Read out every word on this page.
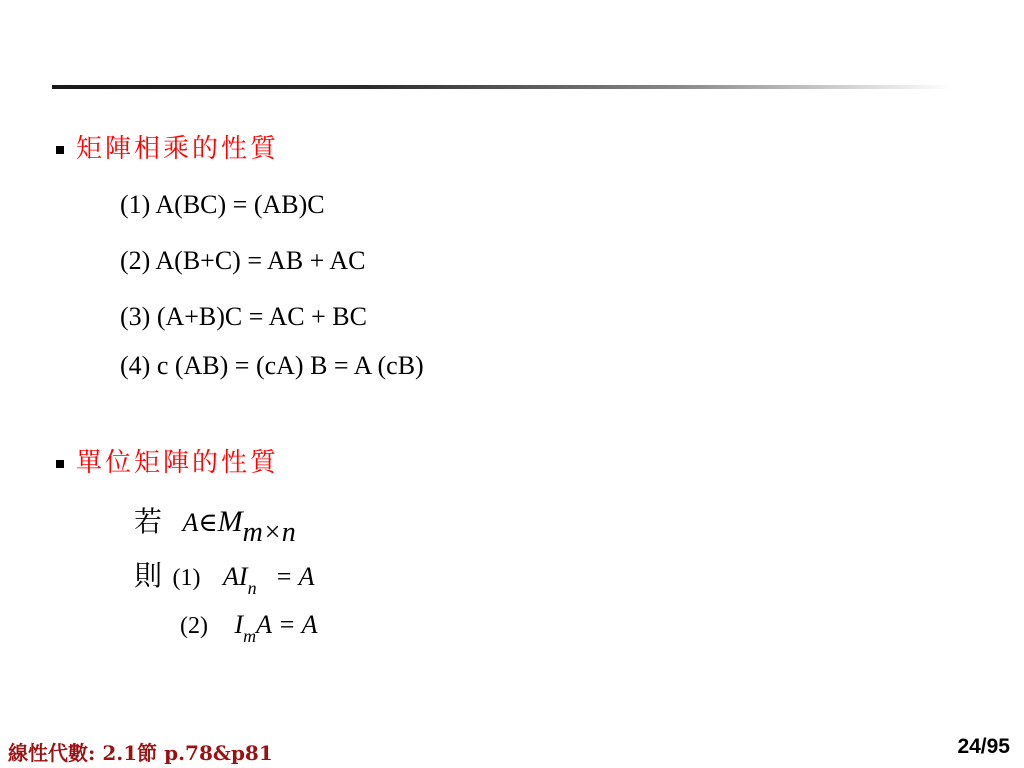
矩陣相乘的性質
(1) A(BC) = (AB)C
(2) A(B+C) = AB + AC
(3) (A+B)C = AC + BC
(4) c (AB) = (cA) B = A (cB)
單位矩陣的性質
若 A∈Mm×n
則 (1) $AI_n = A$
(2) $I_mA = A$
線性代數: 2.1節 p.78&p81	24/95
